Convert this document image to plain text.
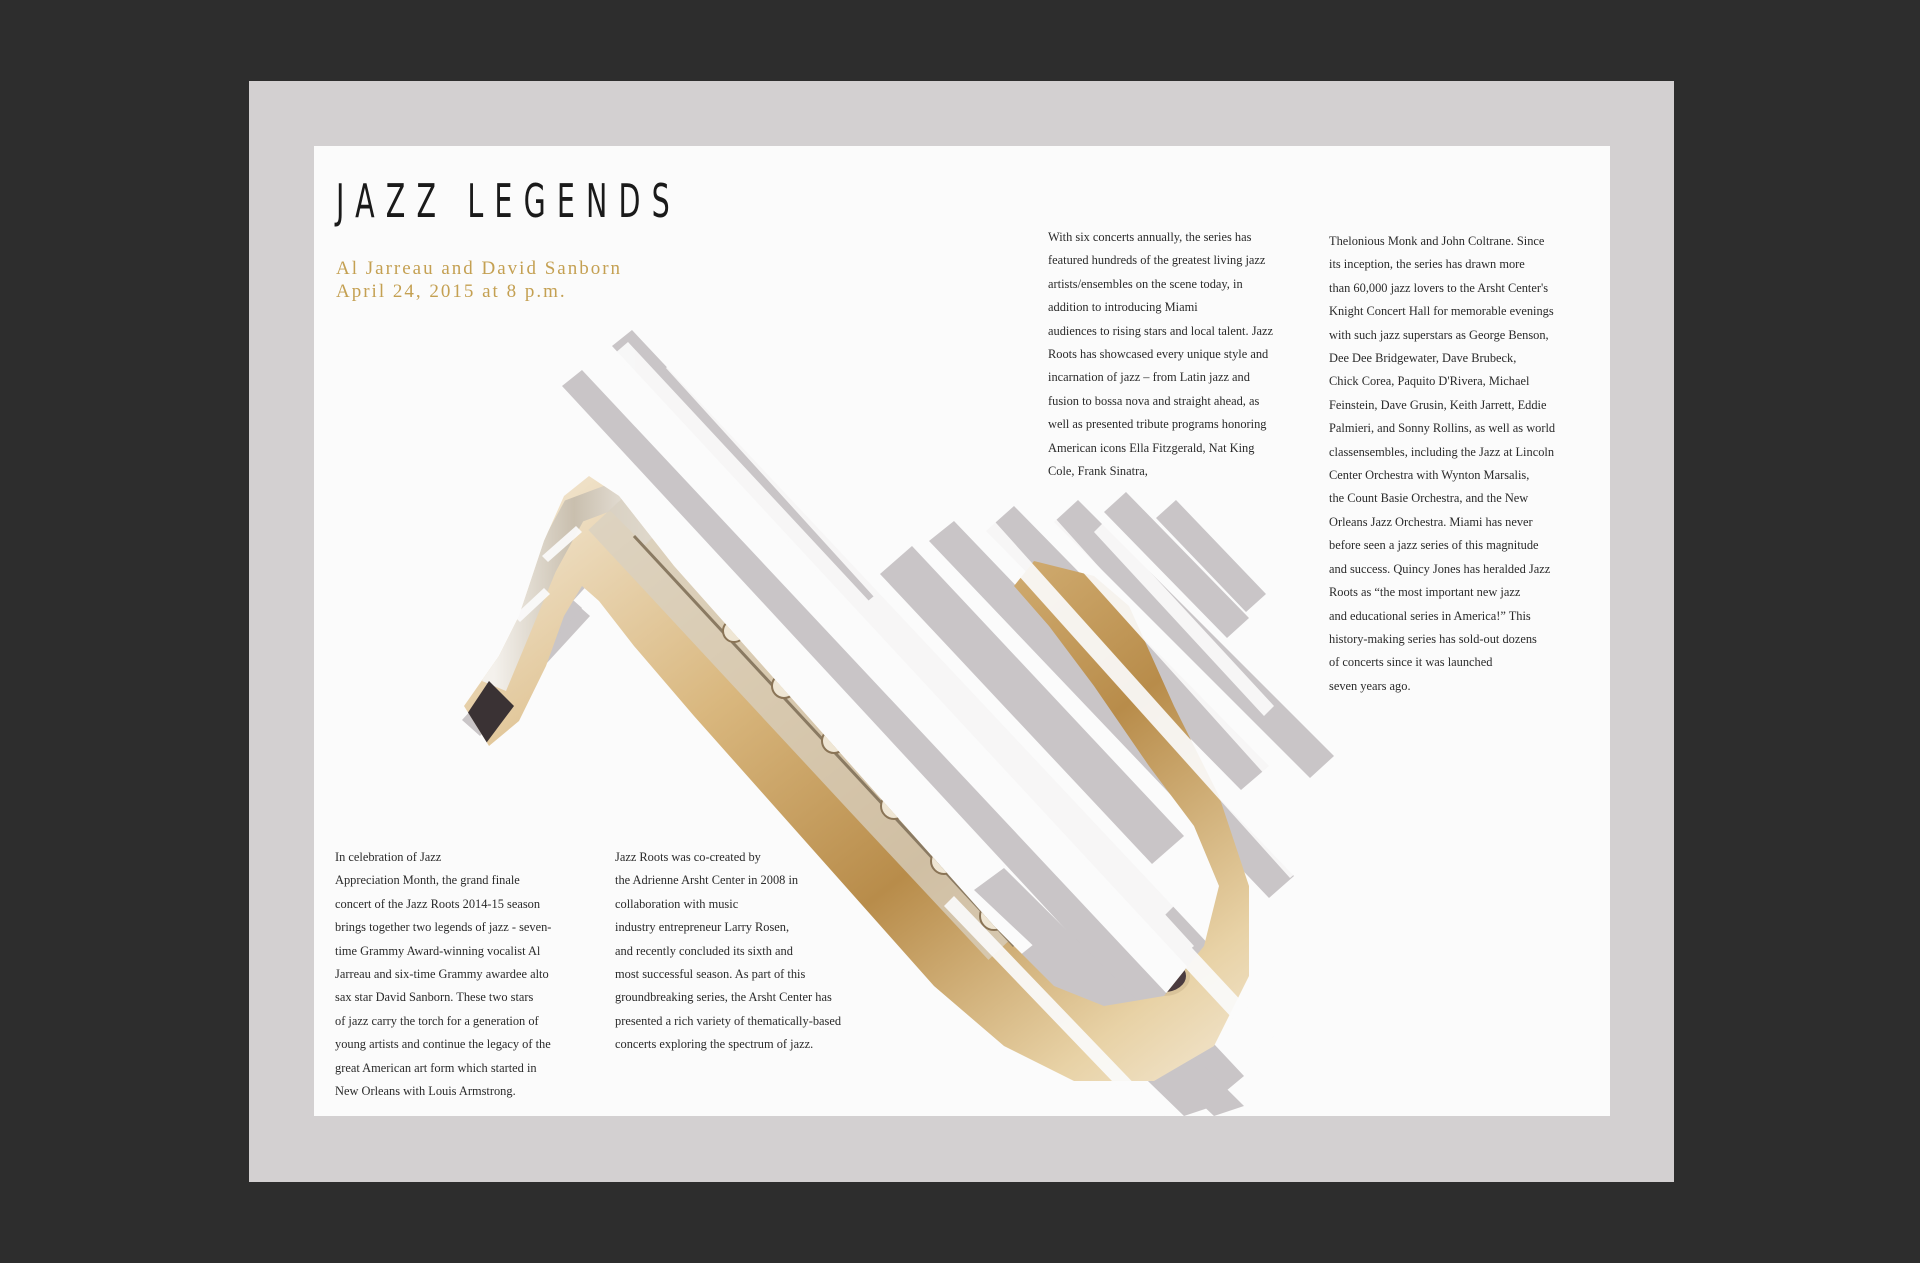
JAZZ LEGENDS
Al Jarreau and David Sanborn
April 24, 2015 at 8 p.m.

With six concerts annually, the series has
featured hundreds of the greatest living jazz
artists/ensembles on the scene today, in
addition to introducing Miami
audiences to rising stars and local talent. Jazz
Roots has showcased every unique style and
incarnation of jazz – from Latin jazz and
fusion to bossa nova and straight ahead, as
well as presented tribute programs honoring
American icons Ella Fitzgerald, Nat King
Cole, Frank Sinatra,

Thelonious Monk and John Coltrane. Since
its inception, the series has drawn more
than 60,000 jazz lovers to the Arsht Center's
Knight Concert Hall for memorable evenings
with such jazz superstars as George Benson,
Dee Dee Bridgewater, Dave Brubeck,
Chick Corea, Paquito D'Rivera, Michael
Feinstein, Dave Grusin, Keith Jarrett, Eddie
Palmieri, and Sonny Rollins, as well as world
classensembles, including the Jazz at Lincoln
Center Orchestra with Wynton Marsalis,
the Count Basie Orchestra, and the New
Orleans Jazz Orchestra. Miami has never
before seen a jazz series of this magnitude
and success. Quincy Jones has heralded Jazz
Roots as “the most important new jazz
and educational series in America!” This
history-making series has sold-out dozens
of concerts since it was launched
seven years ago.

In celebration of Jazz
Appreciation Month, the grand finale
concert of the Jazz Roots 2014-15 season
brings together two legends of jazz - seven-
time Grammy Award-winning vocalist Al
Jarreau and six-time Grammy awardee alto
sax star David Sanborn. These two stars
of jazz carry the torch for a generation of
young artists and continue the legacy of the
great American art form which started in
New Orleans with Louis Armstrong.

Jazz Roots was co-created by
the Adrienne Arsht Center in 2008 in
collaboration with music
industry entrepreneur Larry Rosen,
and recently concluded its sixth and
most successful season. As part of this
groundbreaking series, the Arsht Center has
presented a rich variety of thematically-based
concerts exploring the spectrum of jazz.
